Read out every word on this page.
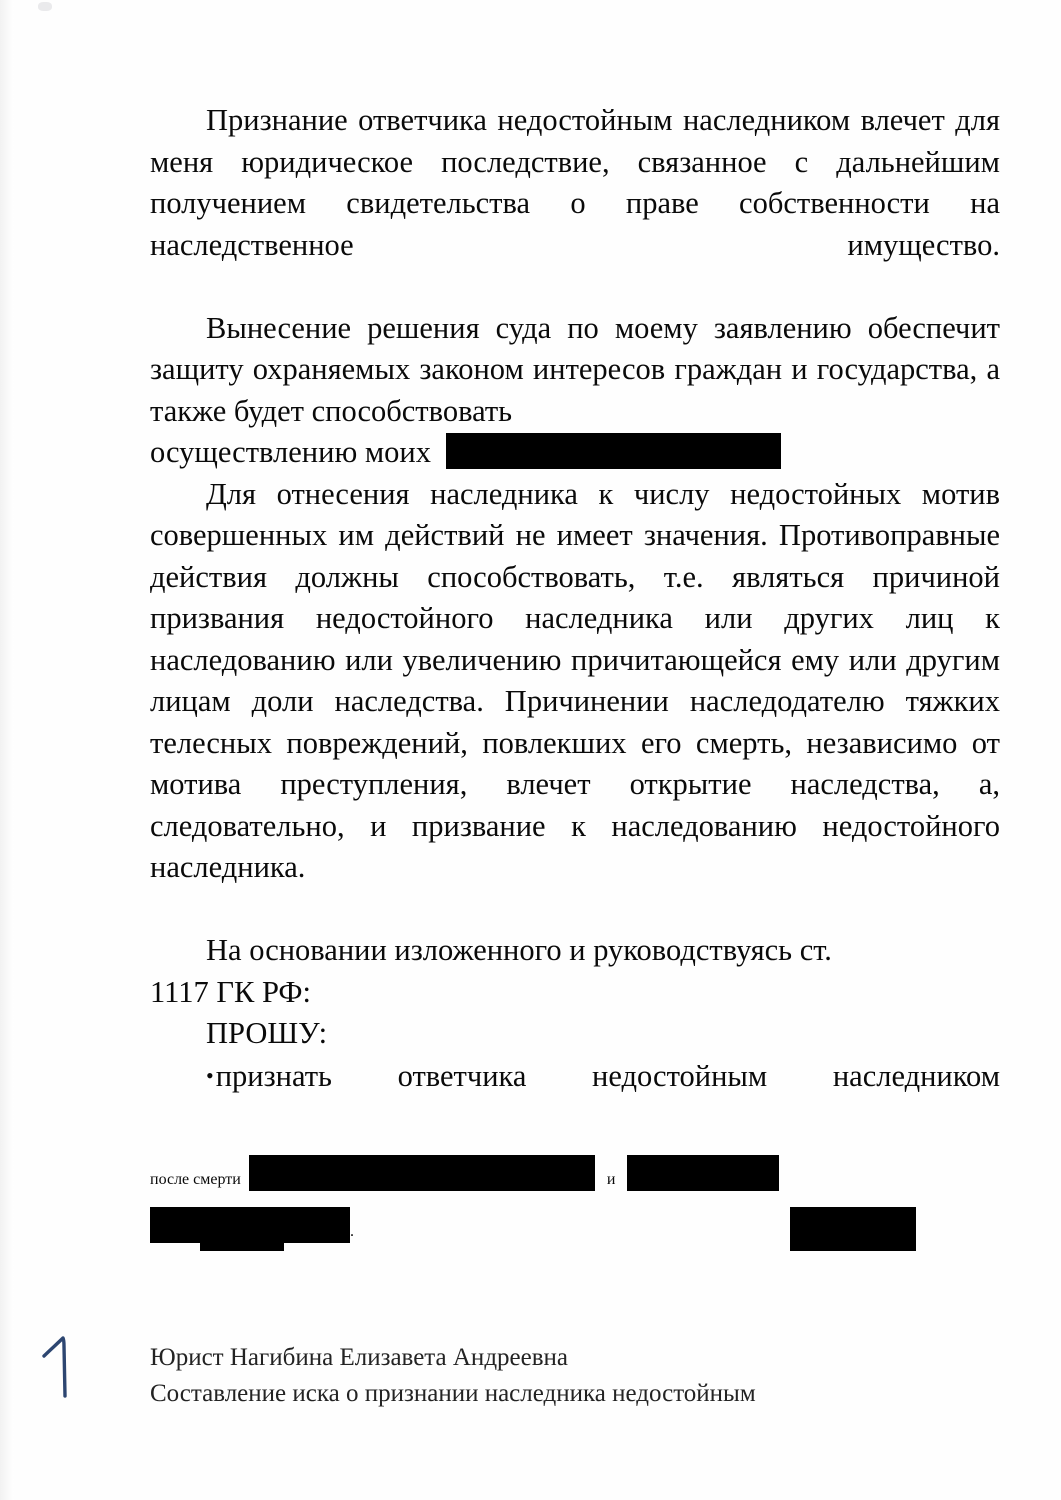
Признание ответчика недостойным наследником влечет для меня юридическое последствие, связанное с дальнейшим получением свидетельства о праве собственности на наследственное имущество.

Вынесение решения суда по моему заявлению обеспечит защиту охраняемых законом интересов граждан и государства, а также будет способствовать
осуществлению моих

Для отнесения наследника к числу недостойных мотив совершенных им действий не имеет значения. Противоправные действия должны способствовать, т.е. являться причиной призвания недостойного наследника или других лиц к наследованию или увеличению причитающейся ему или другим лицам доли наследства. Причинении наследодателю тяжких телесных повреждений, повлекших его смерть, независимо от мотива преступления, влечет открытие наследства, а, следовательно, и призвание к наследованию недостойного наследника.

На основании изложенного и руководствуясь ст.
1117 ГК РФ:

ПРОШУ:

•признать ответчика недостойным наследником

после смерти	и

.

Юрист Нагибина Елизавета Андреевна

Составление иска о признании наследника недостойным
